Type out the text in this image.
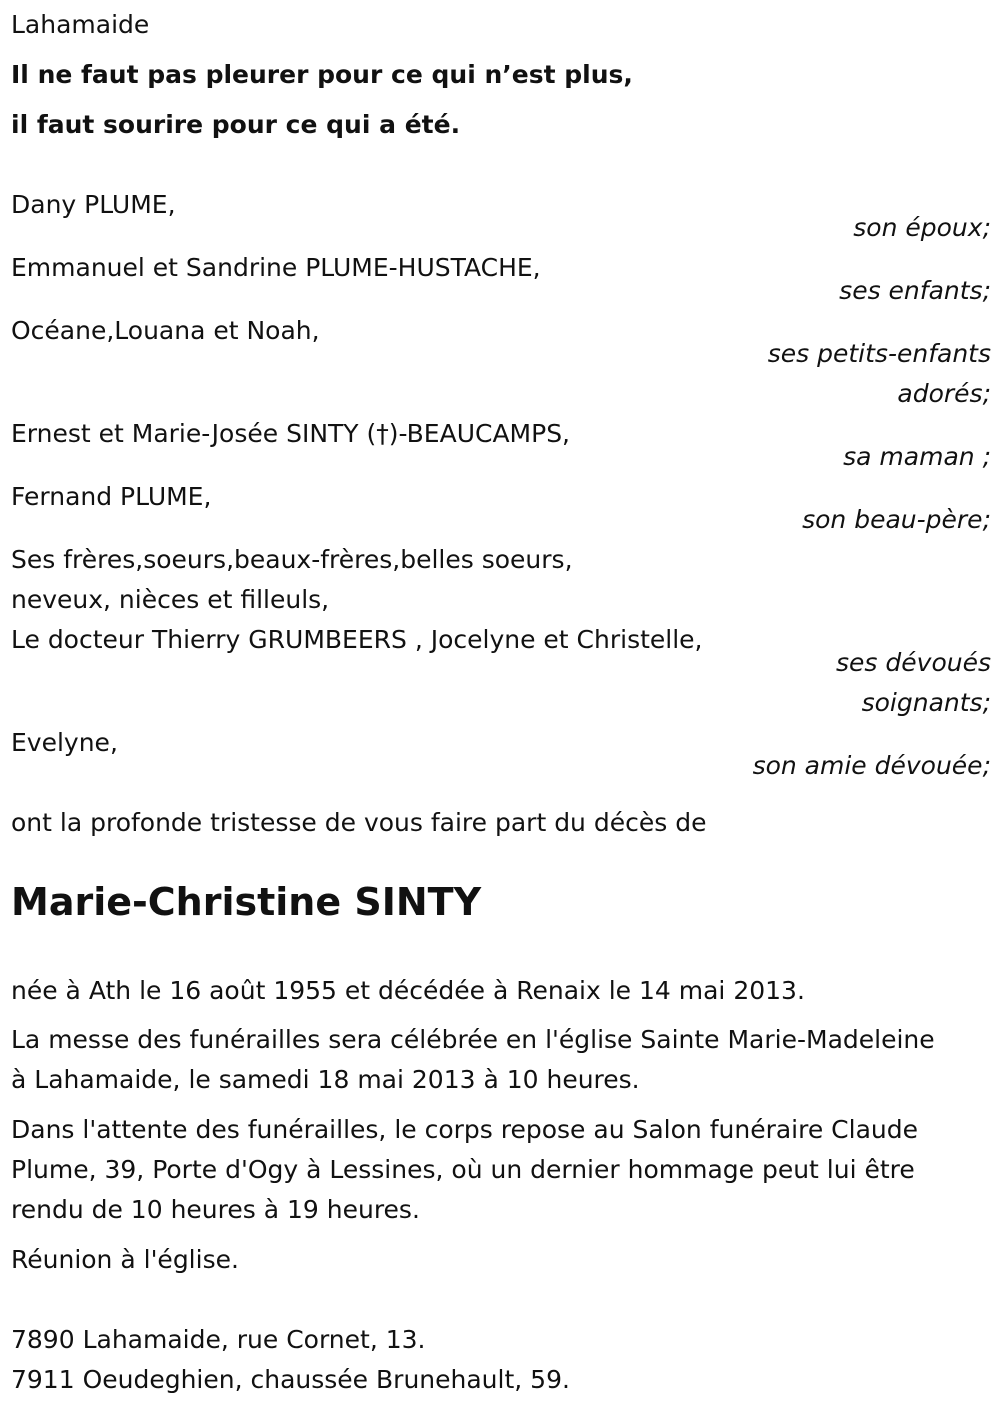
Lahamaide
Il ne faut pas pleurer pour ce qui n’est plus,
il faut sourire pour ce qui a été.
Dany PLUME,
son époux;
Emmanuel et Sandrine PLUME-HUSTACHE,
ses enfants;
Océane,Louana et Noah,
ses petits-enfants
adorés;
Ernest et Marie-Josée SINTY (†)-BEAUCAMPS,
sa maman ;
Fernand PLUME,
son beau-père;
Ses frères,soeurs,beaux-frères,belles soeurs,
neveux, nièces et filleuls,
Le docteur Thierry GRUMBEERS , Jocelyne et Christelle,
ses dévoués
soignants;
Evelyne,
son amie dévouée;
ont la profonde tristesse de vous faire part du décès de
Marie-Christine SINTY
née à Ath le 16 août 1955 et décédée à Renaix le 14 mai 2013.
La messe des funérailles sera célébrée en l'église Sainte Marie-Madeleine
à Lahamaide, le samedi 18 mai 2013 à 10 heures.
Dans l'attente des funérailles, le corps repose au Salon funéraire Claude
Plume, 39, Porte d'Ogy à Lessines, où un dernier hommage peut lui être
rendu de 10 heures à 19 heures.
Réunion à l'église.
7890 Lahamaide, rue Cornet, 13.
7911 Oeudeghien, chaussée Brunehault, 59.
